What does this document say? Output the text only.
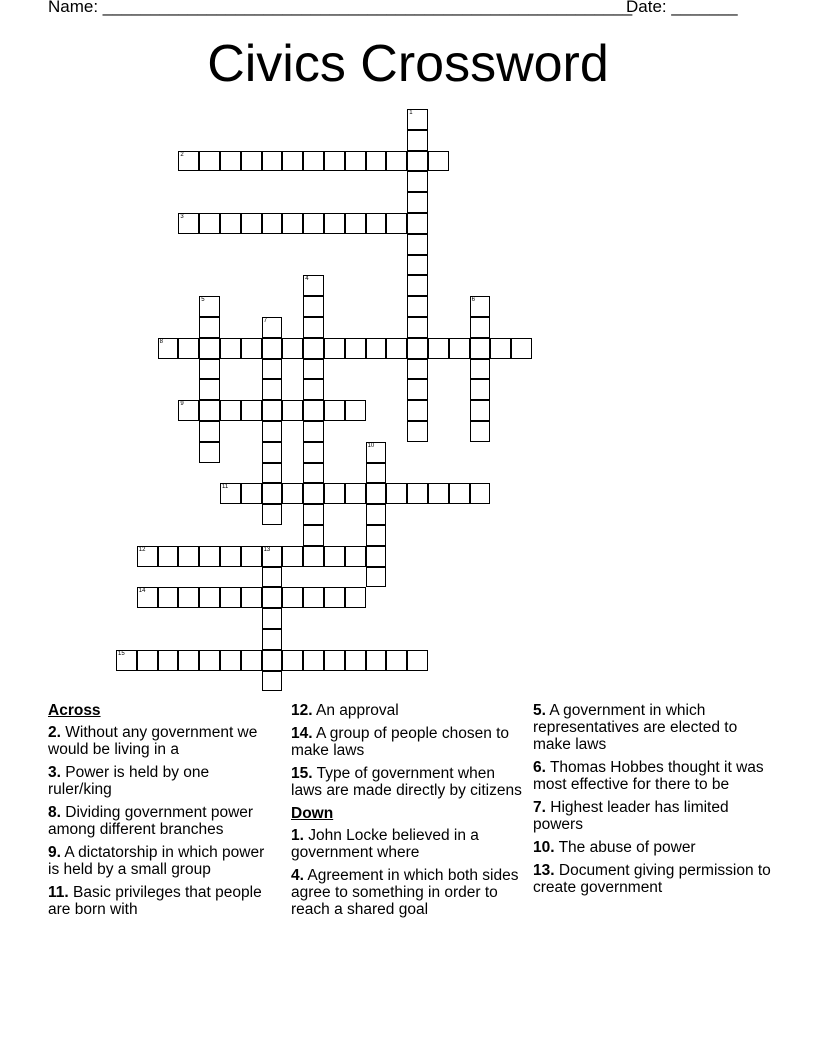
Name: ________________________________________________________
Date: _______
Civics Crossword
1
2
3
4
5	6
7
8
9
10
11
12	13
14
15
Across
2. Without any government we would be living in a
3. Power is held by one ruler/king
8. Dividing government power among different branches
9. A dictatorship in which power is held by a small group
11. Basic privileges that people are born with
12. An approval
14. A group of people chosen to make laws
15. Type of government when laws are made directly by citizens
Down
1. John Locke believed in a government where
4. Agreement in which both sides agree to something in order to reach a shared goal
5. A government in which representatives are elected to make laws
6. Thomas Hobbes thought it was most effective for there to be
7. Highest leader has limited powers
10. The abuse of power
13. Document giving permission to create government
